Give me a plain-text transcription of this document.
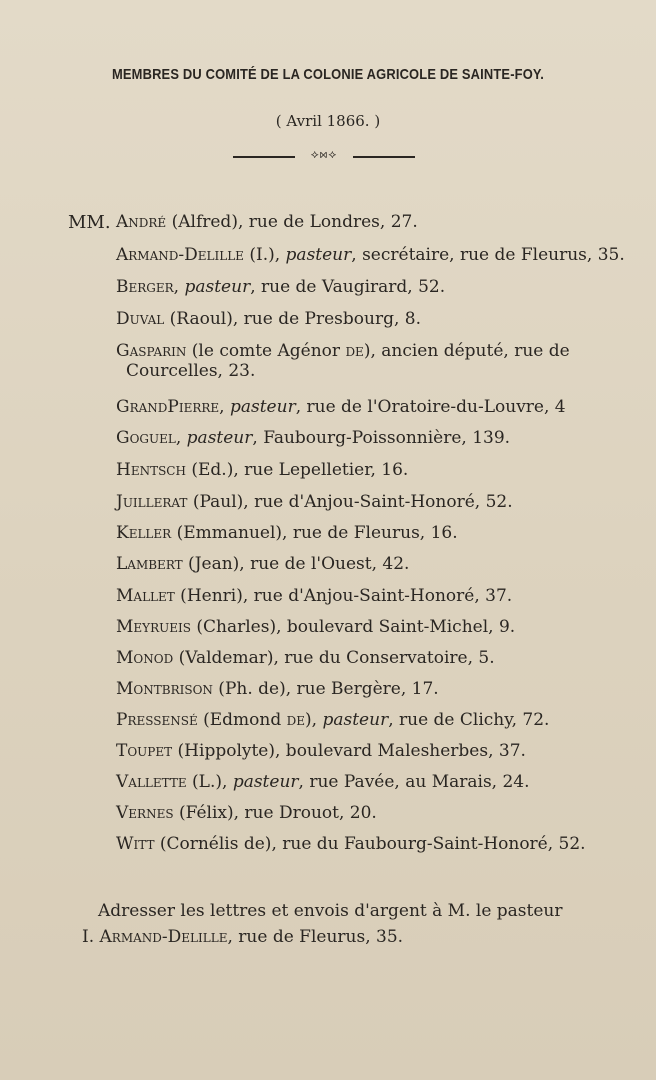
MEMBRES DU COMITÉ DE LA COLONIE AGRICOLE DE SAINTE-FOY.
( Avril 1866. )
⟡⋈⟡
MM. André (Alfred), rue de Londres, 27.
Armand-Delille (I.), pasteur, secrétaire, rue de Fleurus, 35.
Berger, pasteur, rue de Vaugirard, 52.
Duval (Raoul), rue de Presbourg, 8.
Gasparin (le comte Agénor de), ancien député, rue de
Courcelles, 23.
GrandPierre, pasteur, rue de l'Oratoire-du-Louvre, 4
Goguel, pasteur, Faubourg-Poissonnière, 139.
Hentsch (Ed.), rue Lepelletier, 16.
Juillerat (Paul), rue d'Anjou-Saint-Honoré, 52.
Keller (Emmanuel), rue de Fleurus, 16.
Lambert (Jean), rue de l'Ouest, 42.
Mallet (Henri), rue d'Anjou-Saint-Honoré, 37.
Meyrueis (Charles), boulevard Saint-Michel, 9.
Monod (Valdemar), rue du Conservatoire, 5.
Montbrison (Ph. de), rue Bergère, 17.
Pressensé (Edmond de), pasteur, rue de Clichy, 72.
Toupet (Hippolyte), boulevard Malesherbes, 37.
Vallette (L.), pasteur, rue Pavée, au Marais, 24.
Vernes (Félix), rue Drouot, 20.
Witt (Cornélis de), rue du Faubourg-Saint-Honoré, 52.
Adresser les lettres et envois d'argent à M. le pasteur
I. Armand-Delille, rue de Fleurus, 35.
